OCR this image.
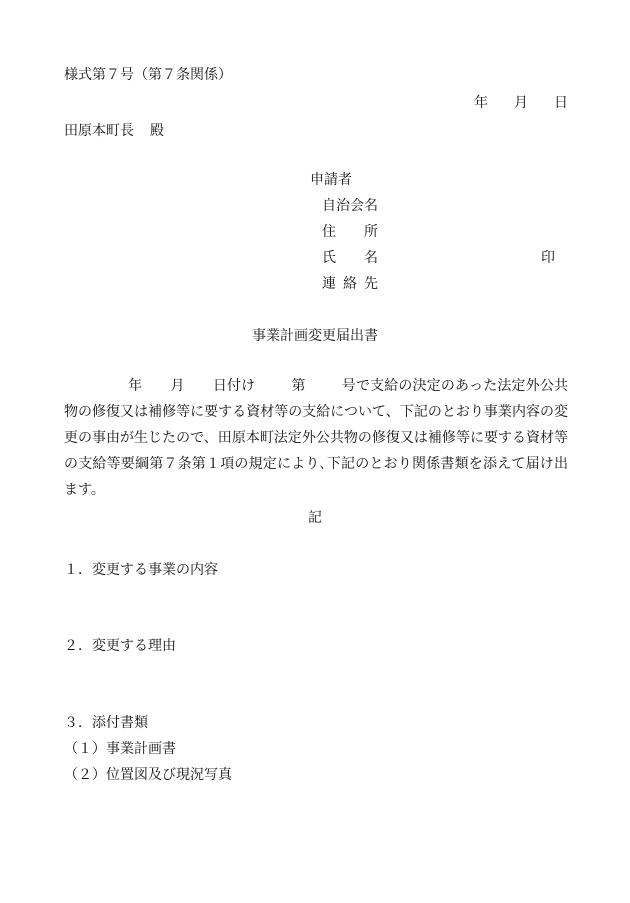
様式第７号（第７条関係）
年 月 日
田原本町長 殿
申請者
自治会名
住所
氏名	印
連絡先
事業計画変更届出書
年 月 日付け	第	号で支給の決定のあった法定外公共物の修復又は補修等に要する資材等の支給について、下記のとおり事業内容の変更の事由が生じたので、田原本町法定外公共物の修復又は補修等に要する資材等の支給等要綱第７条第１項の規定により､下記のとおり関係書類を添えて届け出ます。
記
１．変更する事業の内容
２．変更する理由
３．添付書類
（１）事業計画書
（２）位置図及び現況写真
